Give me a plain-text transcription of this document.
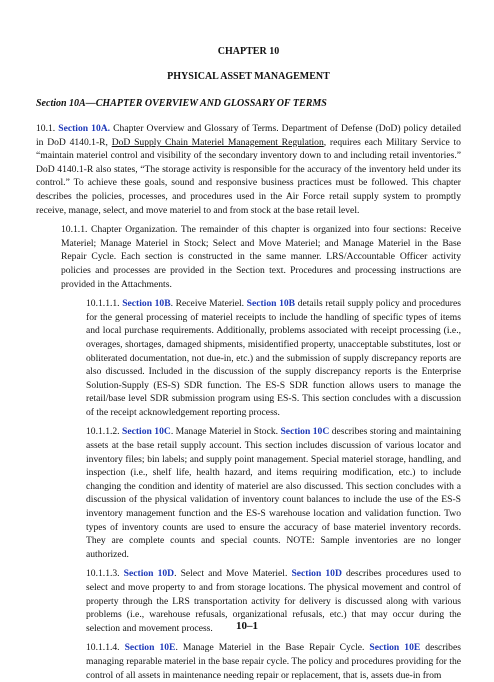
CHAPTER 10
PHYSICAL ASSET MANAGEMENT
Section 10A—CHAPTER OVERVIEW AND GLOSSARY OF TERMS

10.1. Section 10A. Chapter Overview and Glossary of Terms. Department of Defense (DoD) policy detailed in DoD 4140.1-R, DoD Supply Chain Materiel Management Regulation, requires each Military Service to “maintain materiel control and visibility of the secondary inventory down to and including retail inventories.” DoD 4140.1-R also states, “The storage activity is responsible for the accuracy of the inventory held under its control.” To achieve these goals, sound and responsive business practices must be followed. This chapter describes the policies, processes, and procedures used in the Air Force retail supply system to promptly receive, manage, select, and move materiel to and from stock at the base retail level.

10.1.1. Chapter Organization. The remainder of this chapter is organized into four sections: Receive Materiel; Manage Materiel in Stock; Select and Move Materiel; and Manage Materiel in the Base Repair Cycle. Each section is constructed in the same manner. LRS/Accountable Officer activity policies and processes are provided in the Section text. Procedures and processing instructions are provided in the Attachments.

10.1.1.1. Section 10B. Receive Materiel. Section 10B details retail supply policy and procedures for the general processing of materiel receipts to include the handling of specific types of items and local purchase requirements. Additionally, problems associated with receipt processing (i.e., overages, shortages, damaged shipments, misidentified property, unacceptable substitutes, lost or obliterated documentation, not due-in, etc.) and the submission of supply discrepancy reports are also discussed. Included in the discussion of the supply discrepancy reports is the Enterprise Solution-Supply (ES-S) SDR function. The ES-S SDR function allows users to manage the retail/base level SDR submission program using ES-S. This section concludes with a discussion of the receipt acknowledgement reporting process.

10.1.1.2. Section 10C. Manage Materiel in Stock. Section 10C describes storing and maintaining assets at the base retail supply account. This section includes discussion of various locator and inventory files; bin labels; and supply point management. Special materiel storage, handling, and inspection (i.e., shelf life, health hazard, and items requiring modification, etc.) to include changing the condition and identity of materiel are also discussed. This section concludes with a discussion of the physical validation of inventory count balances to include the use of the ES-S inventory management function and the ES-S warehouse location and validation function. Two types of inventory counts are used to ensure the accuracy of base materiel inventory records. They are complete counts and special counts. NOTE: Sample inventories are no longer authorized.

10.1.1.3. Section 10D. Select and Move Materiel. Section 10D describes procedures used to select and move property to and from storage locations. The physical movement and control of property through the LRS transportation activity for delivery is discussed along with various problems (i.e., warehouse refusals, organizational refusals, etc.) that may occur during the selection and movement process.

10.1.1.4. Section 10E. Manage Materiel in the Base Repair Cycle. Section 10E describes managing reparable materiel in the base repair cycle. The policy and procedures providing for the control of all assets in maintenance needing repair or replacement, that is, assets due-in from

10–1
